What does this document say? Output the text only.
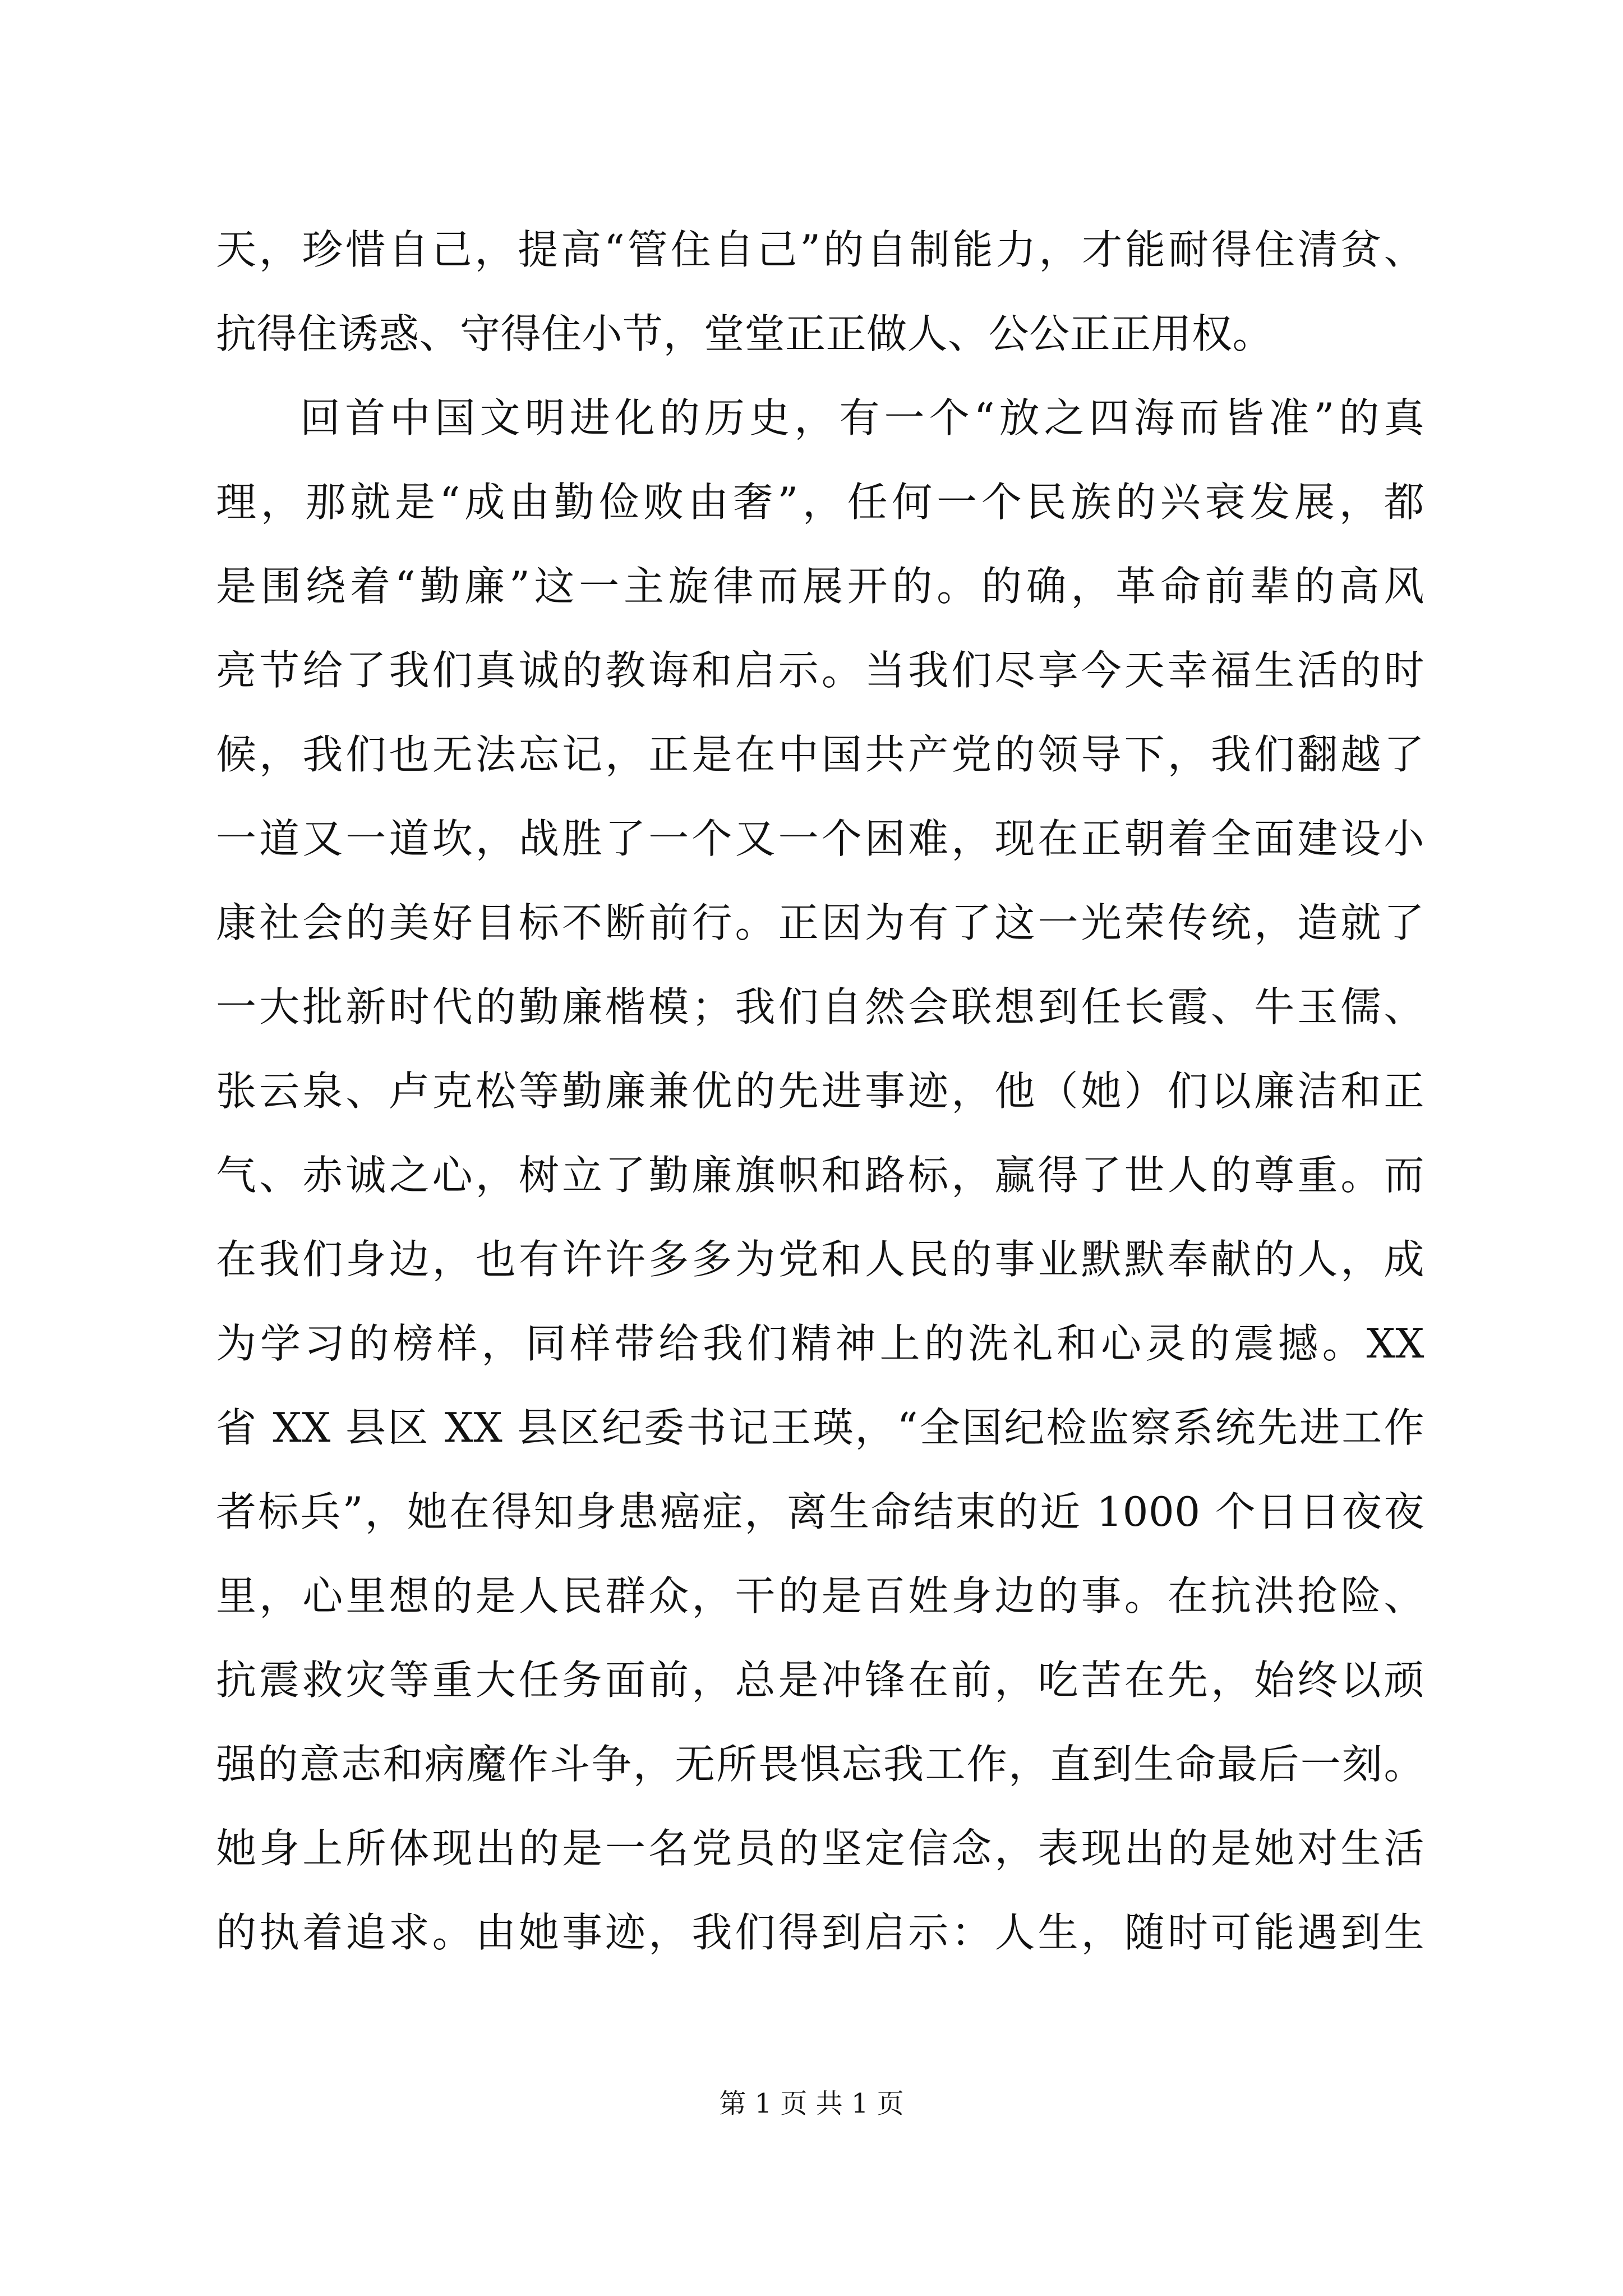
天，珍惜自己，提高“管住自己”的自制能力，才能耐得住清贫、
抗得住诱惑、守得住小节，堂堂正正做人、公公正正用权。
回首中国文明进化的历史，有一个“放之四海而皆准”的真
理，那就是“成由勤俭败由奢”，任何一个民族的兴衰发展，都
是围绕着“勤廉”这一主旋律而展开的。的确，革命前辈的高风
亮节给了我们真诚的教诲和启示。当我们尽享今天幸福生活的时
候，我们也无法忘记，正是在中国共产党的领导下，我们翻越了
一道又一道坎，战胜了一个又一个困难，现在正朝着全面建设小
康社会的美好目标不断前行。正因为有了这一光荣传统，造就了
一大批新时代的勤廉楷模；我们自然会联想到任长霞、牛玉儒、
张云泉、卢克松等勤廉兼优的先进事迹，他（她）们以廉洁和正
气、赤诚之心，树立了勤廉旗帜和路标，赢得了世人的尊重。而
在我们身边，也有许许多多为党和人民的事业默默奉献的人，成
为学习的榜样，同样带给我们精神上的洗礼和心灵的震撼。XX
省 XX 县区 XX 县区纪委书记王瑛，“全国纪检监察系统先进工作
者标兵”，她在得知身患癌症，离生命结束的近 1000 个日日夜夜
里，心里想的是人民群众，干的是百姓身边的事。在抗洪抢险、
抗震救灾等重大任务面前，总是冲锋在前，吃苦在先，始终以顽
强的意志和病魔作斗争，无所畏惧忘我工作，直到生命最后一刻。
她身上所体现出的是一名党员的坚定信念，表现出的是她对生活
的执着追求。由她事迹，我们得到启示：人生，随时可能遇到生
第 1 页 共 1 页
